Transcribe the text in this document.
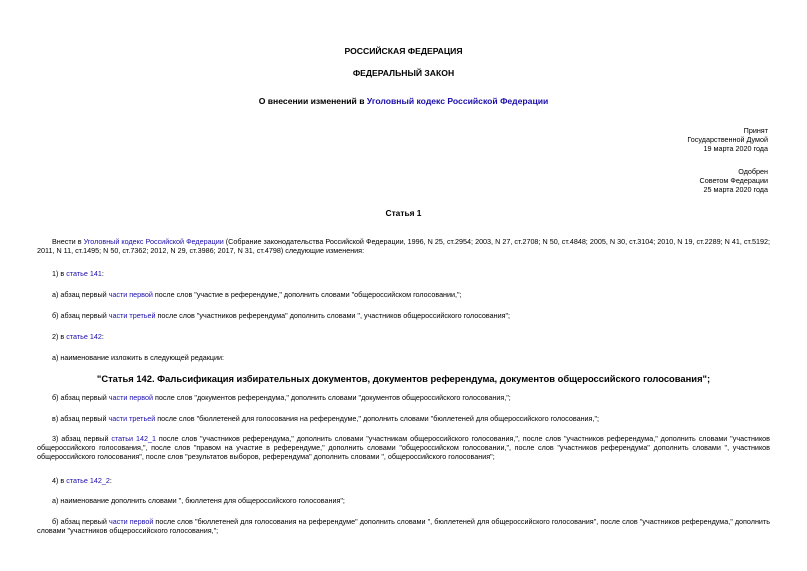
РОССИЙСКАЯ ФЕДЕРАЦИЯ
ФЕДЕРАЛЬНЫЙ ЗАКОН
О внесении изменений в Уголовный кодекс Российской Федерации
Принят
Государственной Думой
19 марта 2020 года
Одобрен
Советом Федерации
25 марта 2020 года
Статья 1
Внести в Уголовный кодекс Российской Федерации (Собрание законодательства Российской Федерации, 1996, N 25, ст.2954; 2003, N 27, ст.2708; N 50, ст.4848; 2005, N 30, ст.3104; 2010, N 19, ст.2289; N 41, ст.5192; 2011, N 11, ст.1495; N 50, ст.7362; 2012, N 29, ст.3986; 2017, N 31, ст.4798) следующие изменения:
1) в статье 141:
а) абзац первый части первой после слов "участие в референдуме," дополнить словами "общероссийском голосовании,";
б) абзац первый части третьей после слов "участников референдума" дополнить словами ", участников общероссийского голосования";
2) в статье 142:
а) наименование изложить в следующей редакции:
"Статья 142. Фальсификация избирательных документов, документов референдума, документов общероссийского голосования";
б) абзац первый части первой после слов "документов референдума," дополнить словами "документов общероссийского голосования,";
в) абзац первый части третьей после слов "бюллетеней для голосования на референдуме," дополнить словами "бюллетеней для общероссийского голосования,";
3) абзац первый статьи 142_1 после слов "участников референдума," дополнить словами "участникам общероссийского голосования,", после слов "участников референдума," дополнить словами "участников общероссийского голосования,", после слов "правом на участие в референдуме," дополнить словами "общероссийском голосовании,", после слов "участников референдума" дополнить словами ", участников общероссийского голосования", после слов "результатов выборов, референдума" дополнить словами ", общероссийского голосования";
4) в статье 142_2:
а) наименование дополнить словами ", бюллетеня для общероссийского голосования";
б) абзац первый части первой после слов "бюллетеней для голосования на референдуме" дополнить словами ", бюллетеней для общероссийского голосования", после слов "участников референдума," дополнить словами "участников общероссийского голосования,";
